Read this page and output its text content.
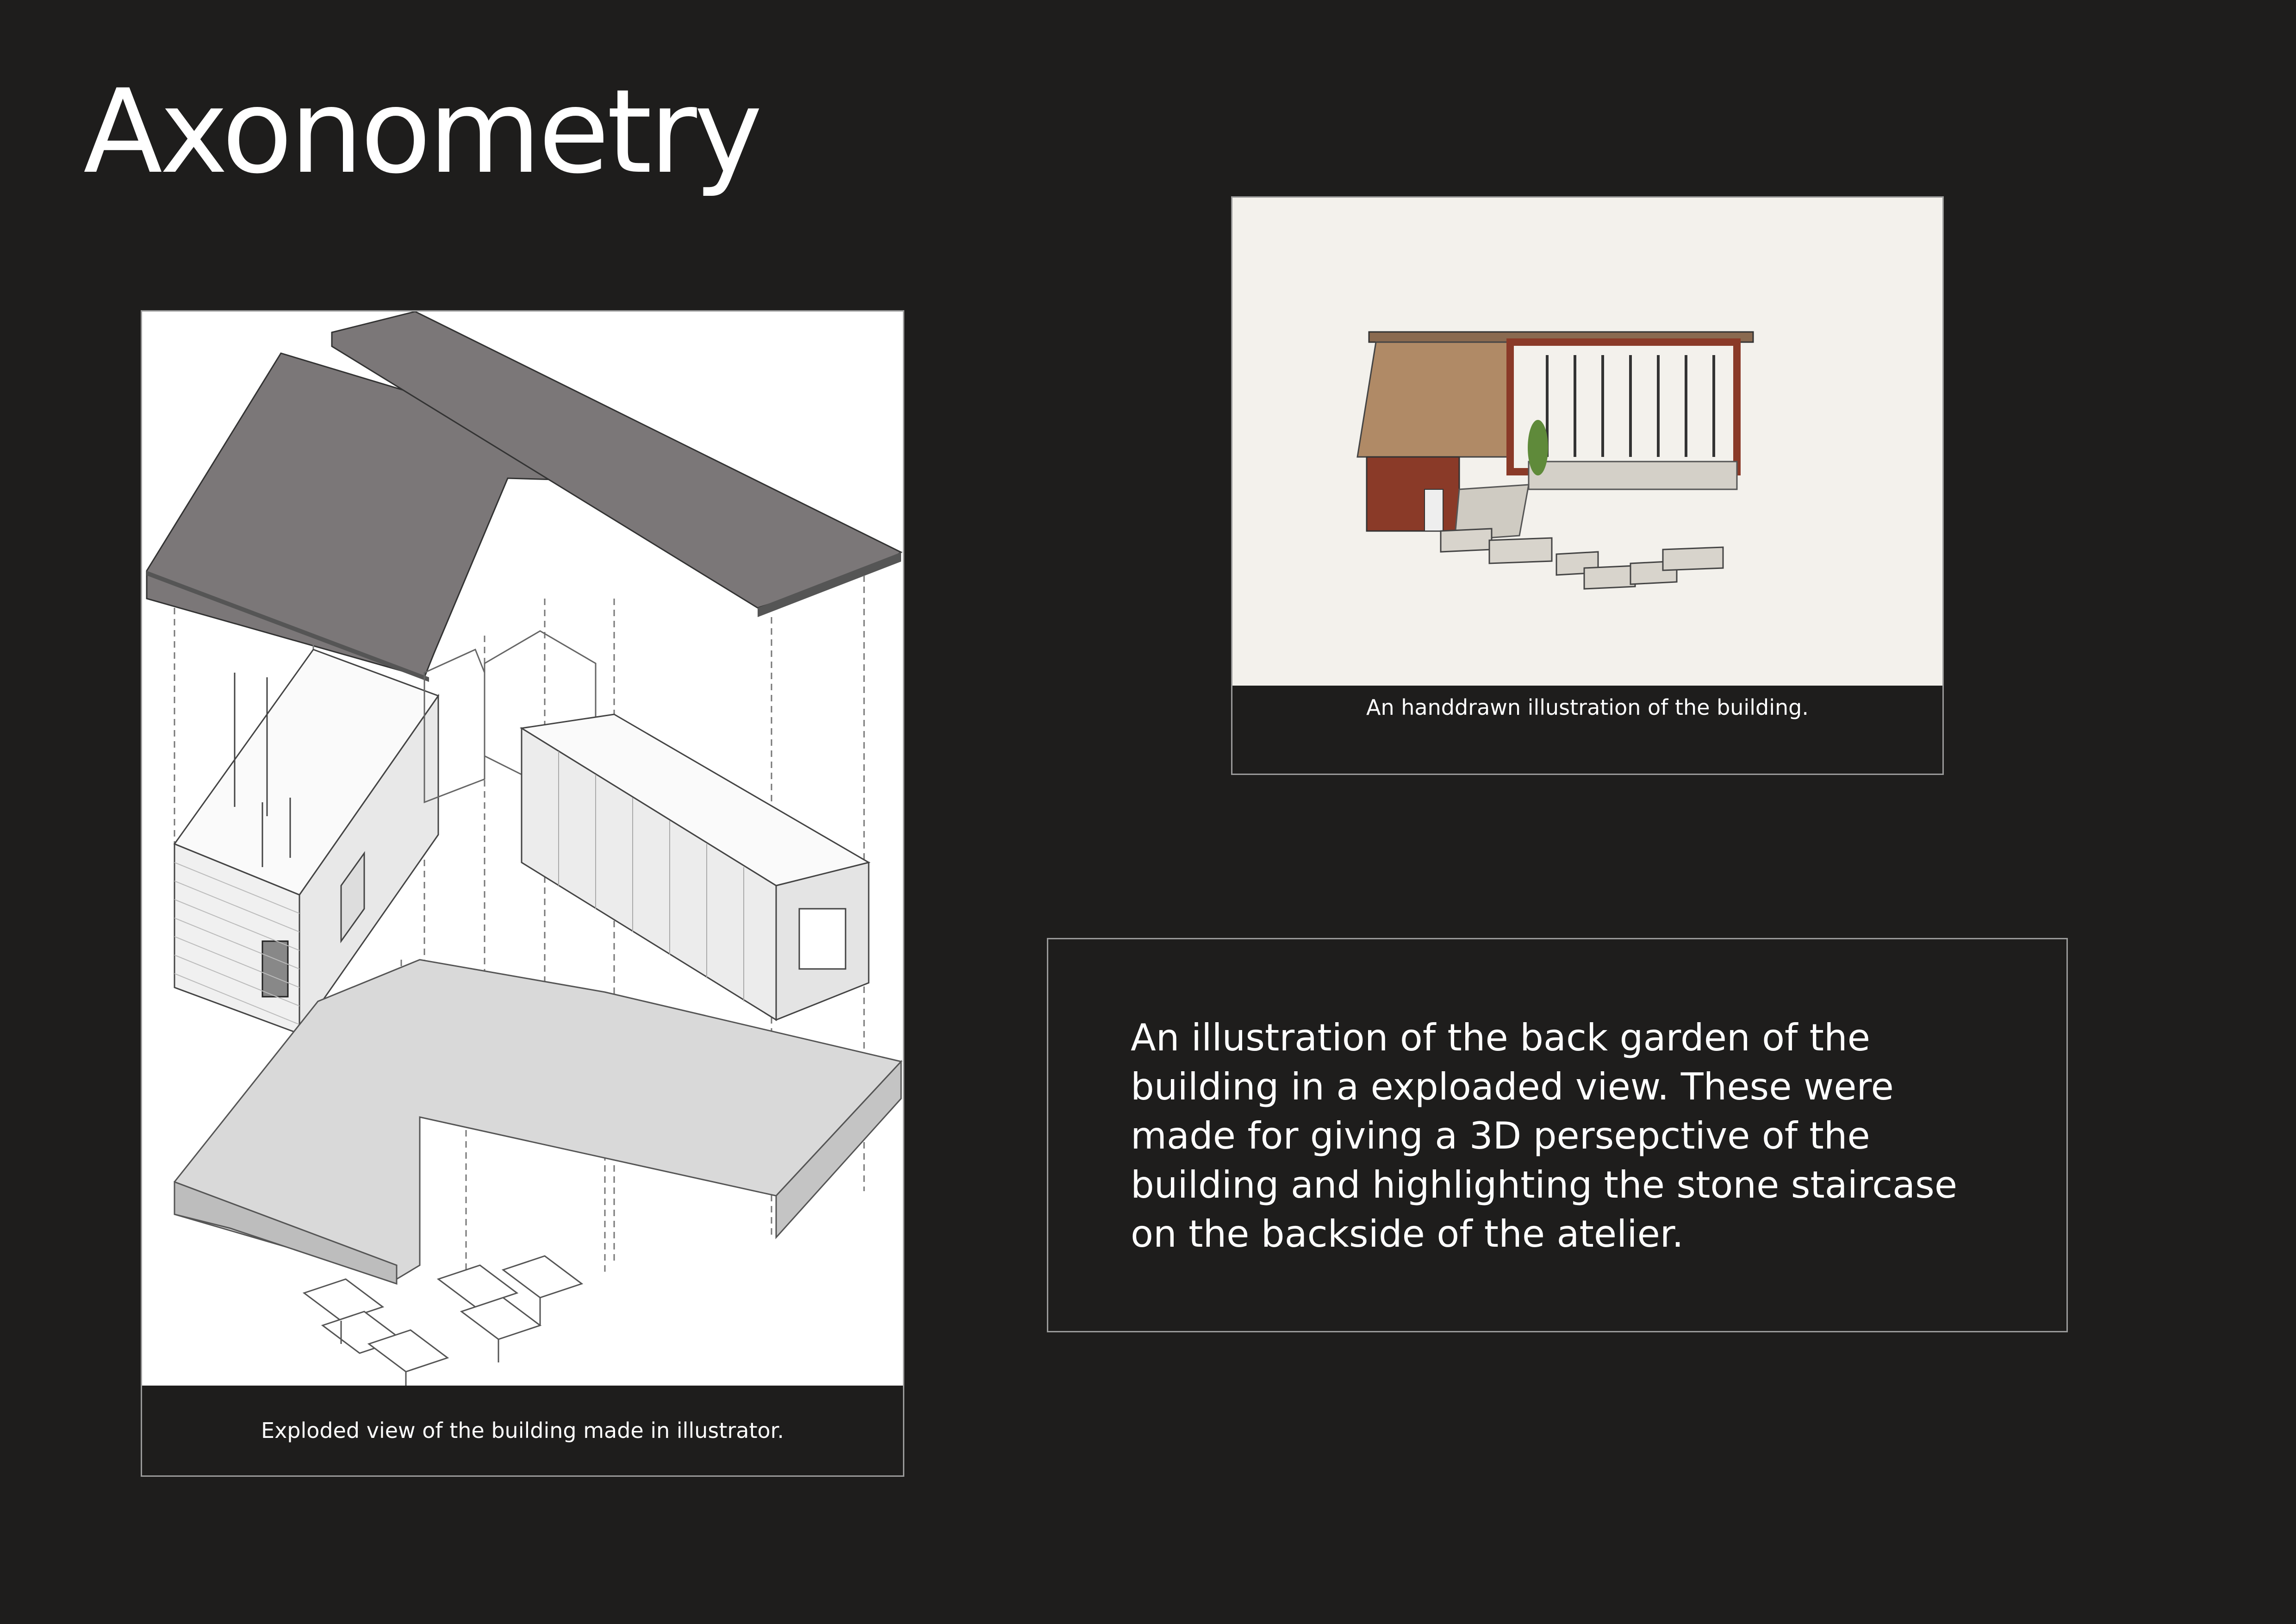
Axonometry
Exploded view of the building made in illustrator.
An handdrawn illustration of the building.
An illustration of the back garden of the building in a exploaded view. These were made for giving a 3D persepctive of the building and highlighting the stone staircase on the backside of the atelier.
